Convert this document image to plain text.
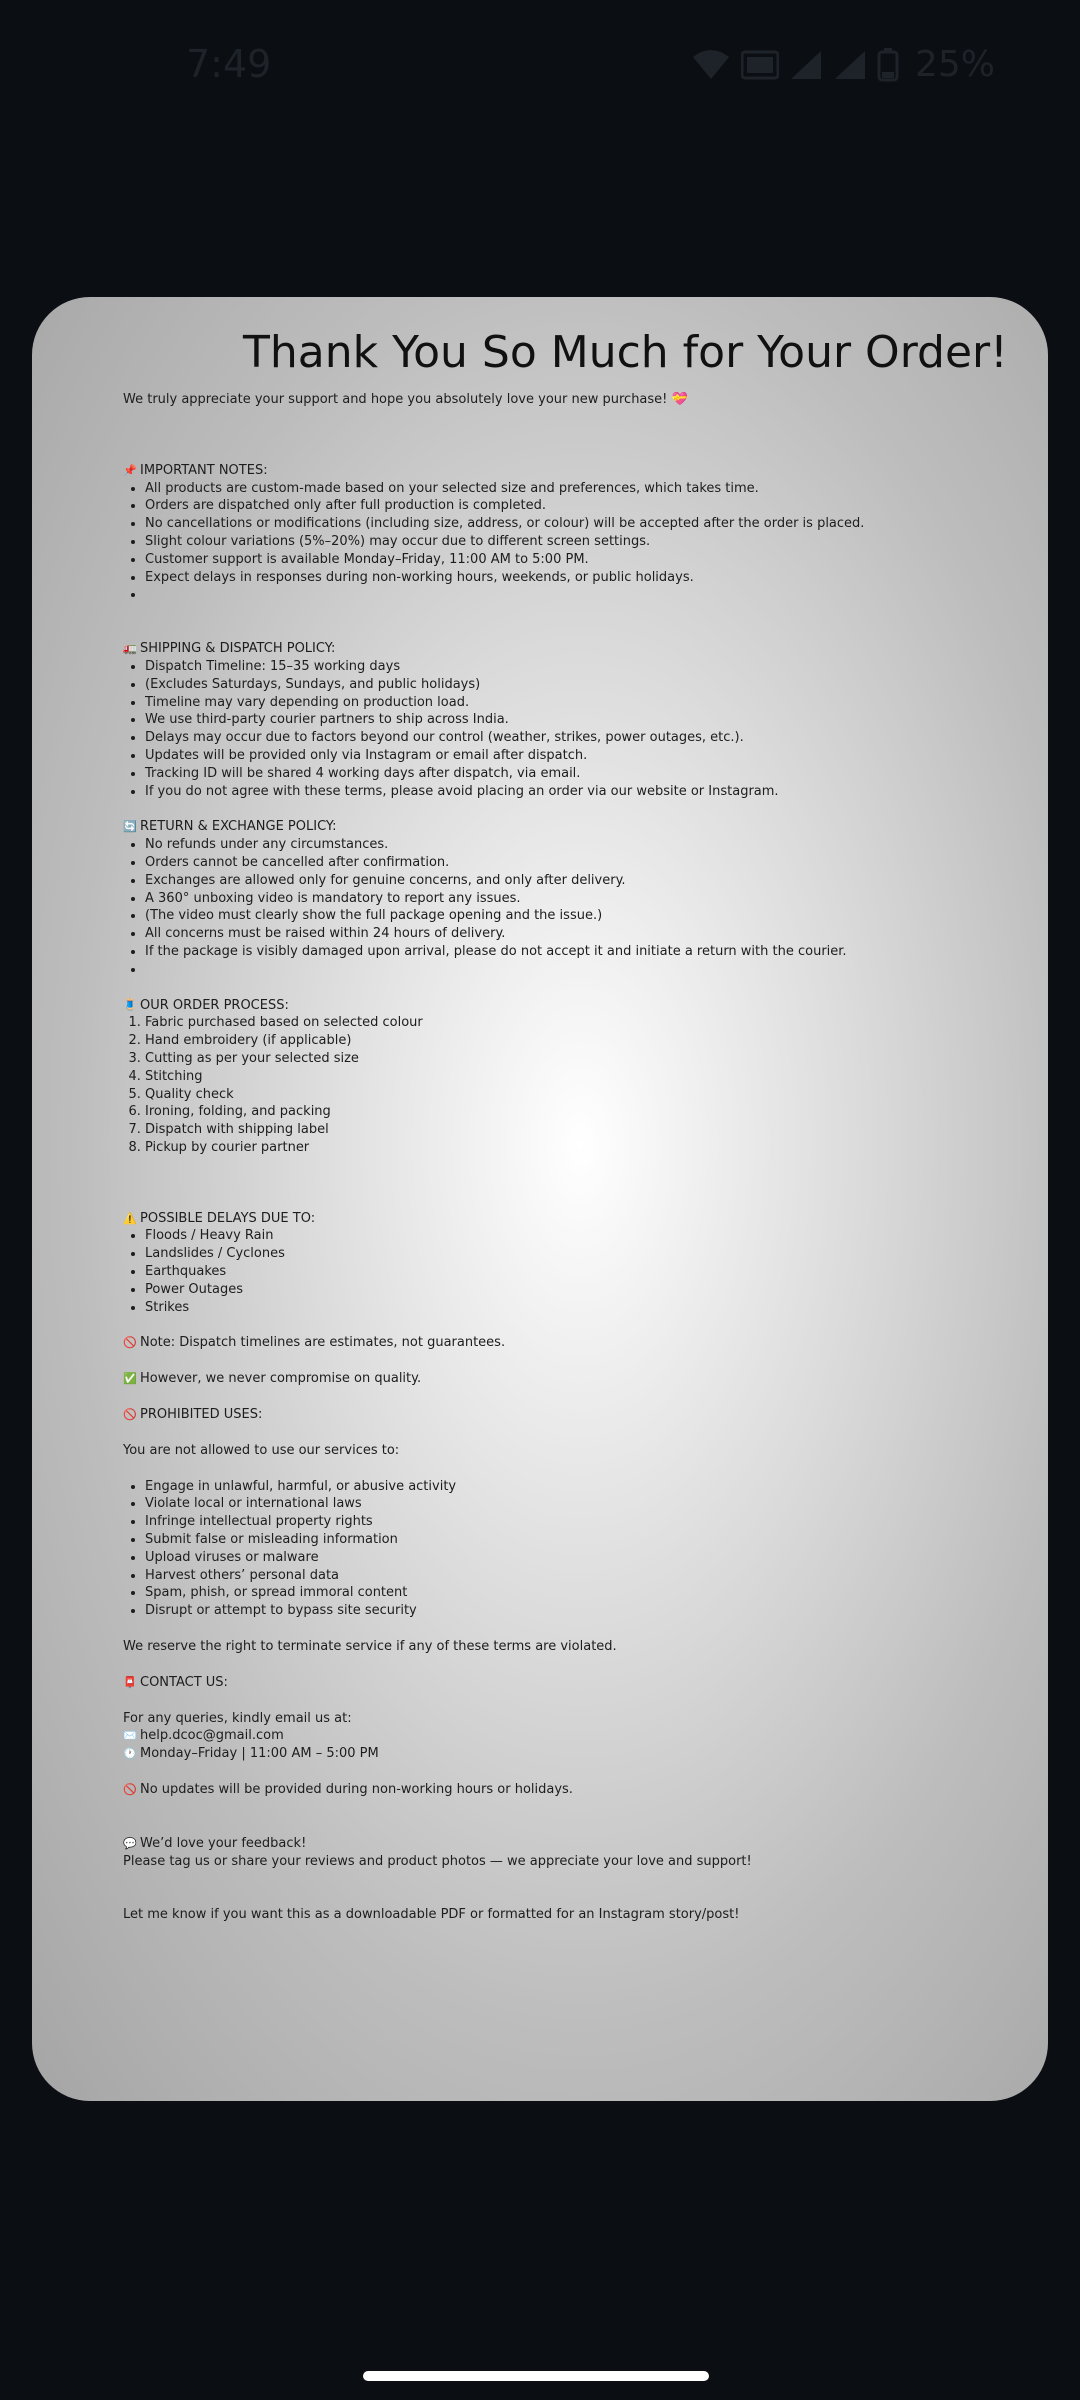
7:49	25%
Thank You So Much for Your Order!
We truly appreciate your support and hope you absolutely love your new purchase! 💝
📌 IMPORTANT NOTES:
• All products are custom-made based on your selected size and preferences, which takes time.
• Orders are dispatched only after full production is completed.
• No cancellations or modifications (including size, address, or colour) will be accepted after the order is placed.
• Slight colour variations (5%–20%) may occur due to different screen settings.
• Customer support is available Monday–Friday, 11:00 AM to 5:00 PM.
• Expect delays in responses during non-working hours, weekends, or public holidays.
•
🚛 SHIPPING & DISPATCH POLICY:
• Dispatch Timeline: 15–35 working days
• (Excludes Saturdays, Sundays, and public holidays)
• Timeline may vary depending on production load.
• We use third-party courier partners to ship across India.
• Delays may occur due to factors beyond our control (weather, strikes, power outages, etc.).
• Updates will be provided only via Instagram or email after dispatch.
• Tracking ID will be shared 4 working days after dispatch, via email.
• If you do not agree with these terms, please avoid placing an order via our website or Instagram.
🔄 RETURN & EXCHANGE POLICY:
• No refunds under any circumstances.
• Orders cannot be cancelled after confirmation.
• Exchanges are allowed only for genuine concerns, and only after delivery.
• A 360° unboxing video is mandatory to report any issues.
• (The video must clearly show the full package opening and the issue.)
• All concerns must be raised within 24 hours of delivery.
• If the package is visibly damaged upon arrival, please do not accept it and initiate a return with the courier.
•
🧵 OUR ORDER PROCESS:
1. Fabric purchased based on selected colour
2. Hand embroidery (if applicable)
3. Cutting as per your selected size
4. Stitching
5. Quality check
6. Ironing, folding, and packing
7. Dispatch with shipping label
8. Pickup by courier partner
⚠️ POSSIBLE DELAYS DUE TO:
• Floods / Heavy Rain
• Landslides / Cyclones
• Earthquakes
• Power Outages
• Strikes
🚫 Note: Dispatch timelines are estimates, not guarantees.
✅ However, we never compromise on quality.
🚫 PROHIBITED USES:
You are not allowed to use our services to:
• Engage in unlawful, harmful, or abusive activity
• Violate local or international laws
• Infringe intellectual property rights
• Submit false or misleading information
• Upload viruses or malware
• Harvest others’ personal data
• Spam, phish, or spread immoral content
• Disrupt or attempt to bypass site security
We reserve the right to terminate service if any of these terms are violated.
📮 CONTACT US:
For any queries, kindly email us at:
✉️ help.dcoc@gmail.com
🕐 Monday–Friday | 11:00 AM – 5:00 PM
🚫 No updates will be provided during non-working hours or holidays.
💬 We’d love your feedback!
Please tag us or share your reviews and product photos — we appreciate your love and support!
Let me know if you want this as a downloadable PDF or formatted for an Instagram story/post!
